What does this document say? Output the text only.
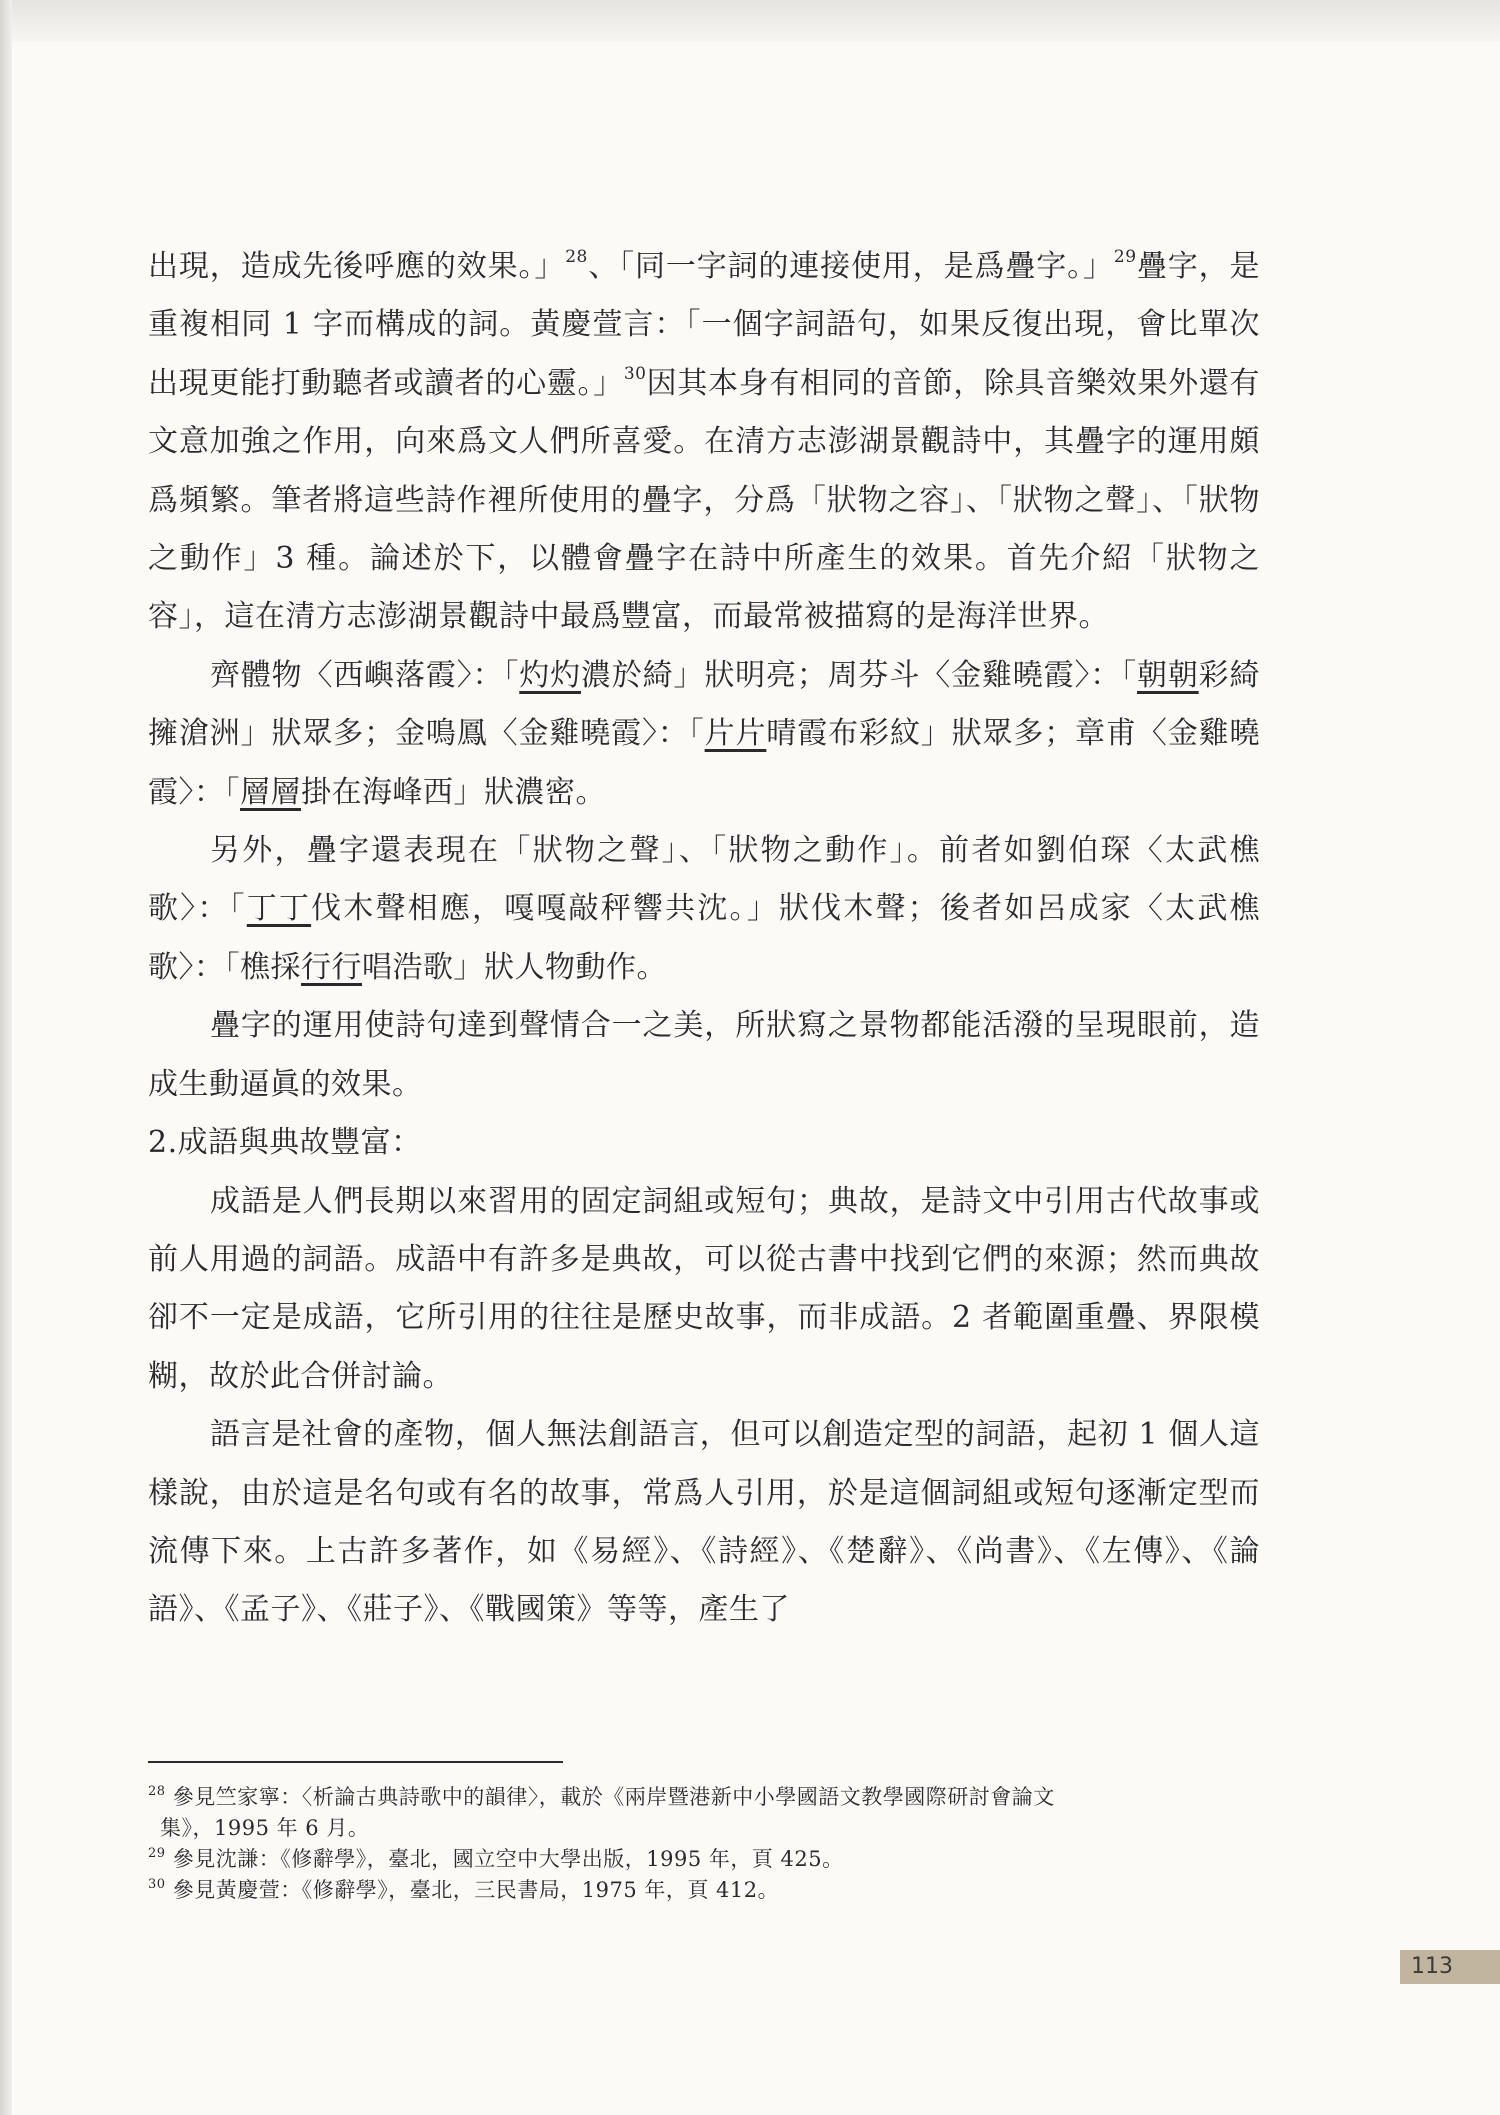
出現，造成先後呼應的效果。」$^{28}$、「同一字詞的連接使用，是爲疊字。」$^{29}$疊字，是重複相同 1 字而構成的詞。黃慶萱言：「一個字詞語句，如果反復出現，會比單次出現更能打動聽者或讀者的心靈。」$^{30}$因其本身有相同的音節，除具音樂效果外還有文意加強之作用，向來爲文人們所喜愛。在清方志澎湖景觀詩中，其疊字的運用頗爲頻繁。筆者將這些詩作裡所使用的疊字，分爲「狀物之容」、「狀物之聲」、「狀物之動作」3 種。論述於下，以體會疊字在詩中所產生的效果。首先介紹「狀物之容」，這在清方志澎湖景觀詩中最爲豐富，而最常被描寫的是海洋世界。

齊體物〈西嶼落霞〉：「灼灼濃於綺」狀明亮；周芬斗〈金雞曉霞〉：「朝朝彩綺擁滄洲」狀眾多；金鳴鳳〈金雞曉霞〉：「片片晴霞布彩紋」狀眾多；章甫〈金雞曉霞〉：「層層掛在海峰西」狀濃密。

另外，疊字還表現在「狀物之聲」、「狀物之動作」。前者如劉伯琛〈太武樵歌〉：「丁丁伐木聲相應，嘎嘎敲秤響共沈。」狀伐木聲；後者如呂成家〈太武樵歌〉：「樵採行行唱浩歌」狀人物動作。

疊字的運用使詩句達到聲情合一之美，所狀寫之景物都能活潑的呈現眼前，造成生動逼眞的效果。

2.成語與典故豐富：

成語是人們長期以來習用的固定詞組或短句；典故，是詩文中引用古代故事或前人用過的詞語。成語中有許多是典故，可以從古書中找到它們的來源；然而典故卻不一定是成語，它所引用的往往是歷史故事，而非成語。2 者範圍重疊、界限模糊，故於此合併討論。

語言是社會的產物，個人無法創語言，但可以創造定型的詞語，起初 1 個人這樣說，由於這是名句或有名的故事，常爲人引用，於是這個詞組或短句逐漸定型而流傳下來。上古許多著作，如《易經》、《詩經》、《楚辭》、《尚書》、《左傳》、《論語》、《孟子》、《莊子》、《戰國策》等等，產生了

$^{28}$ 參見竺家寧：〈析論古典詩歌中的韻律〉，載於《兩岸暨港新中小學國語文教學國際研討會論文

集》，1995 年 6 月。

$^{29}$ 參見沈謙：《修辭學》，臺北，國立空中大學出版，1995 年，頁 425。

$^{30}$ 參見黃慶萱：《修辭學》，臺北，三民書局，1975 年，頁 412。

113
